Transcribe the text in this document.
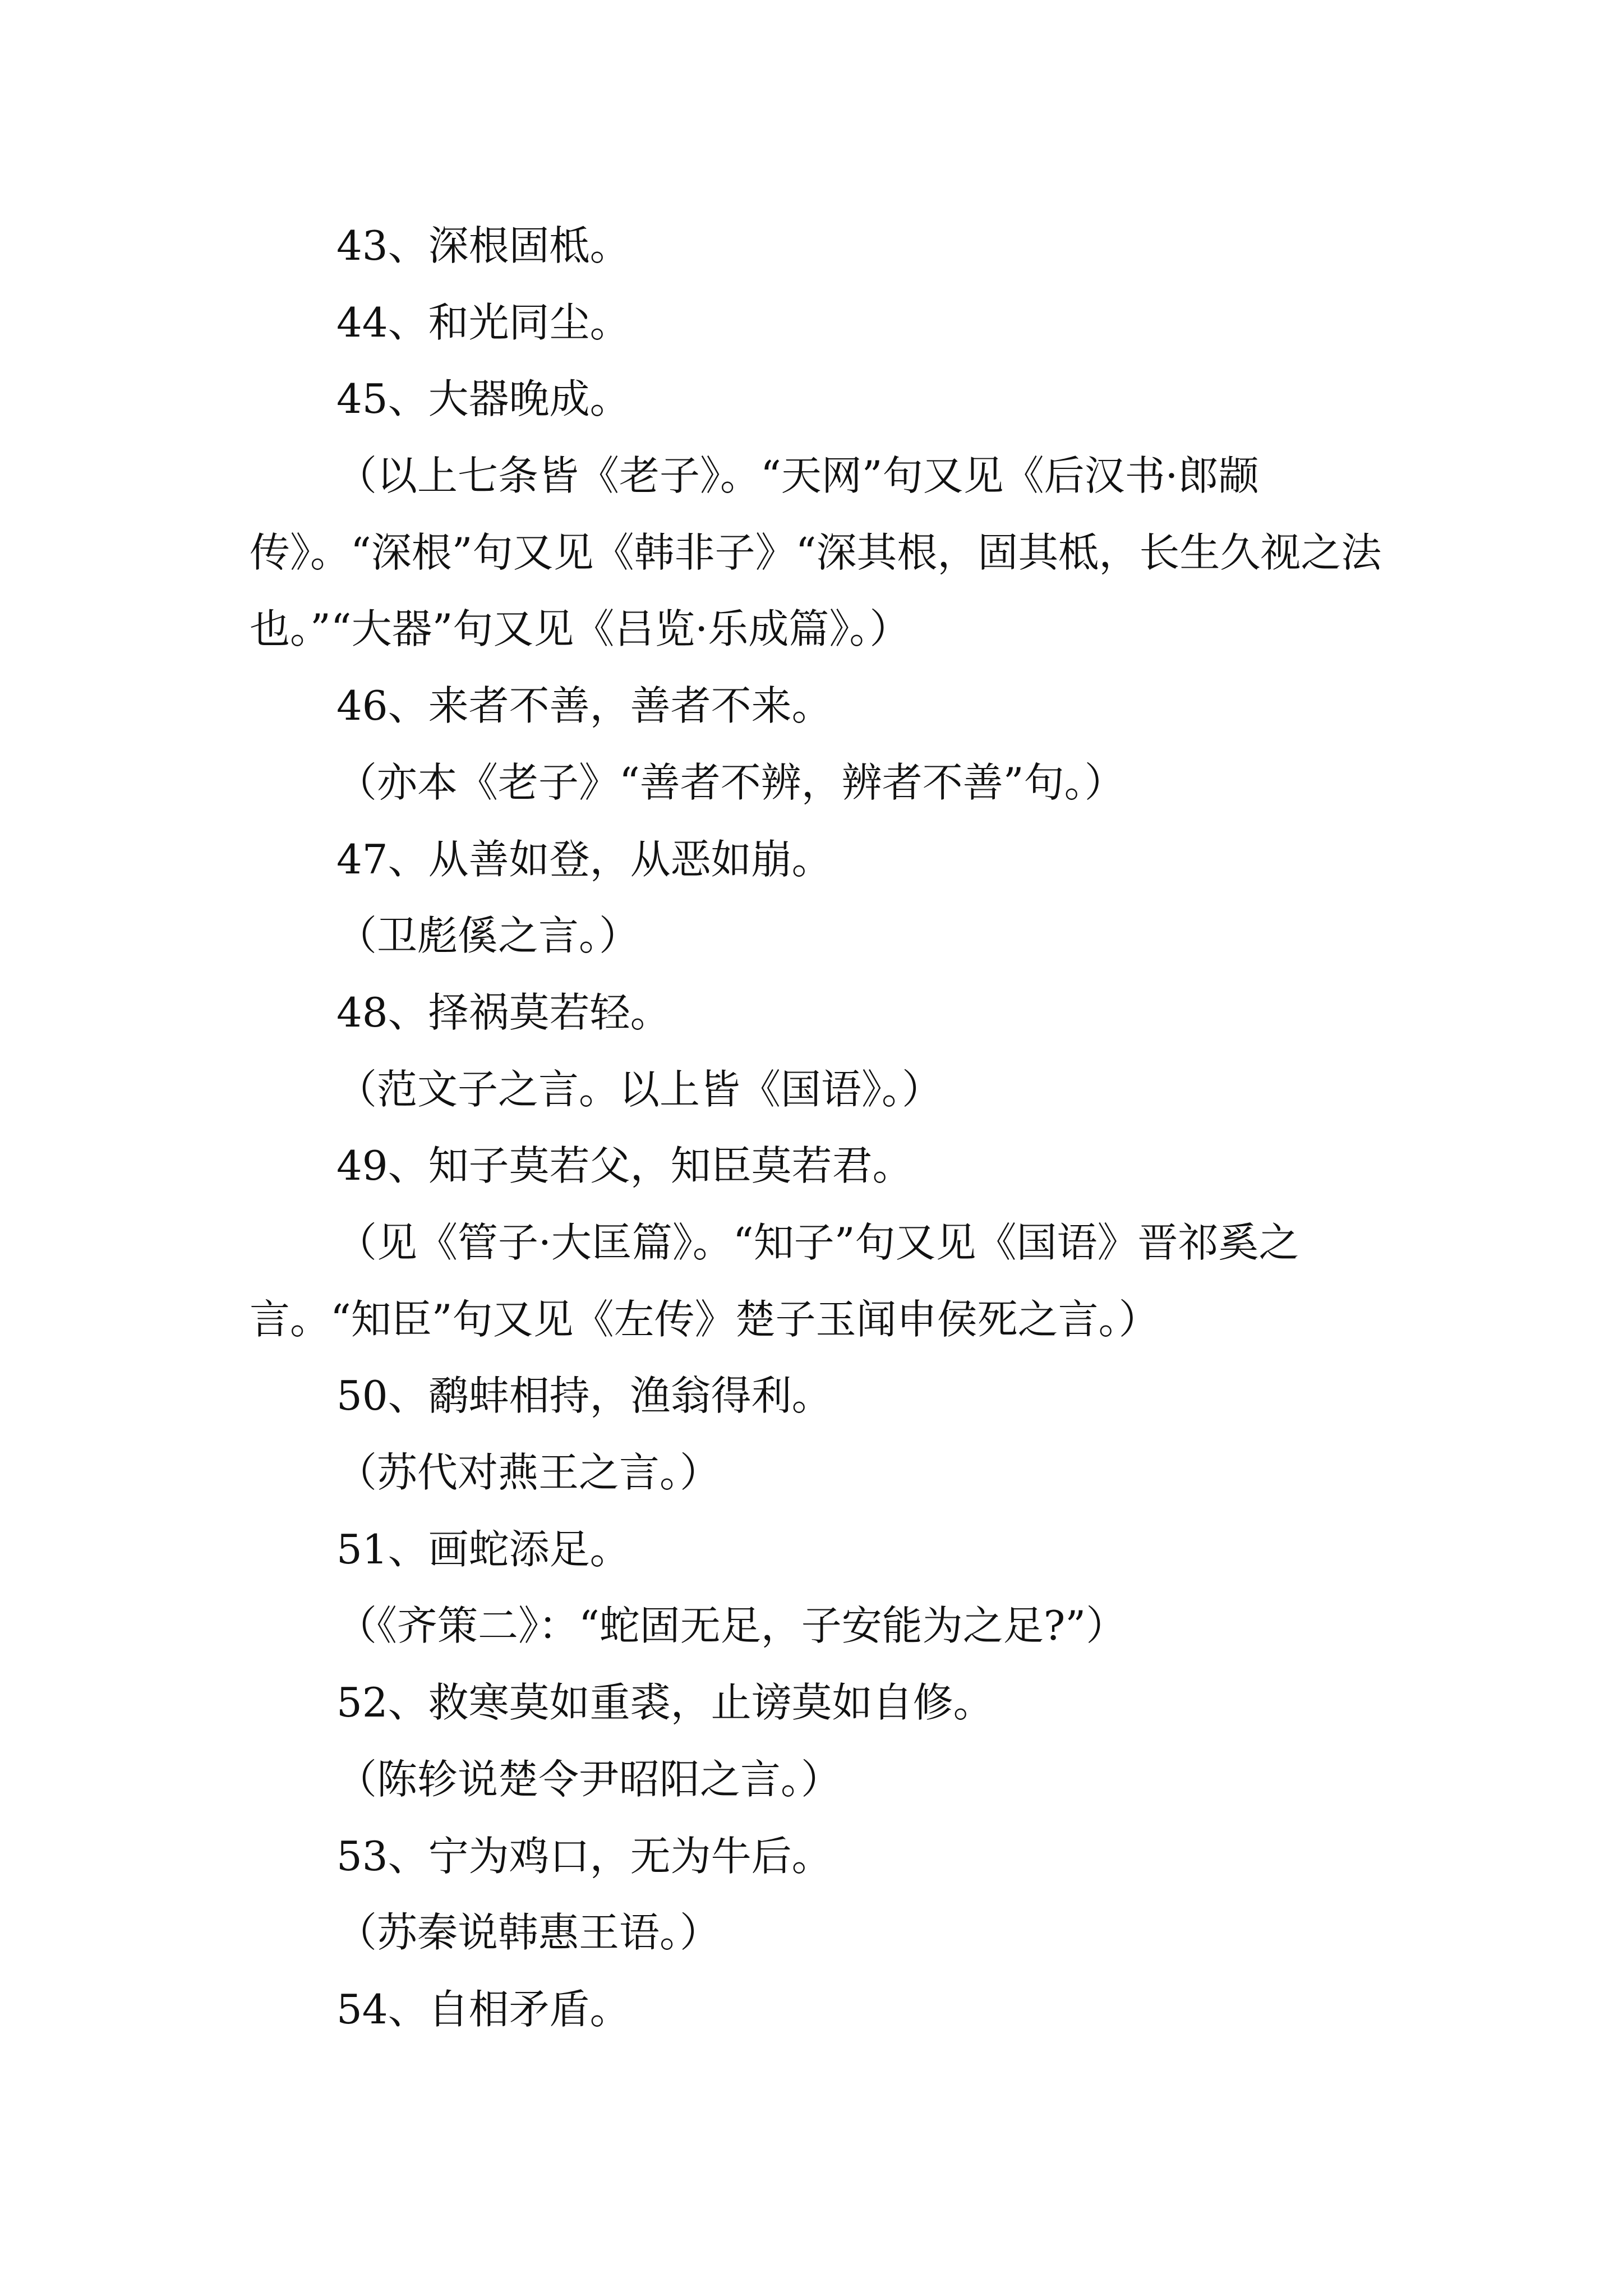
43、深根固柢。
44、和光同尘。
45、大器晚成。

（以上七条皆《老子》。“天网”句又见《后汉书·郎颛传》。“深根”句又见《韩非子》“深其根，固其柢，长生久视之法也。”“大器”句又见《吕览·乐成篇》。）

46、来者不善，善者不来。
（亦本《老子》“善者不辨，辨者不善”句。）
47、从善如登，从恶如崩。
（卫彪傒之言。）
48、择祸莫若轻。
（范文子之言。以上皆《国语》。）
49、知子莫若父，知臣莫若君。

（见《管子·大匡篇》。“知子”句又见《国语》晋祁奚之言。“知臣”句又见《左传》楚子玉闻申侯死之言。）

50、鹬蚌相持，渔翁得利。
（苏代对燕王之言。）
51、画蛇添足。
（《齐策二》：“蛇固无足，子安能为之足?”）
52、救寒莫如重裘，止谤莫如自修。
（陈轸说楚令尹昭阳之言。）
53、宁为鸡口，无为牛后。
（苏秦说韩惠王语。）
54、自相矛盾。
